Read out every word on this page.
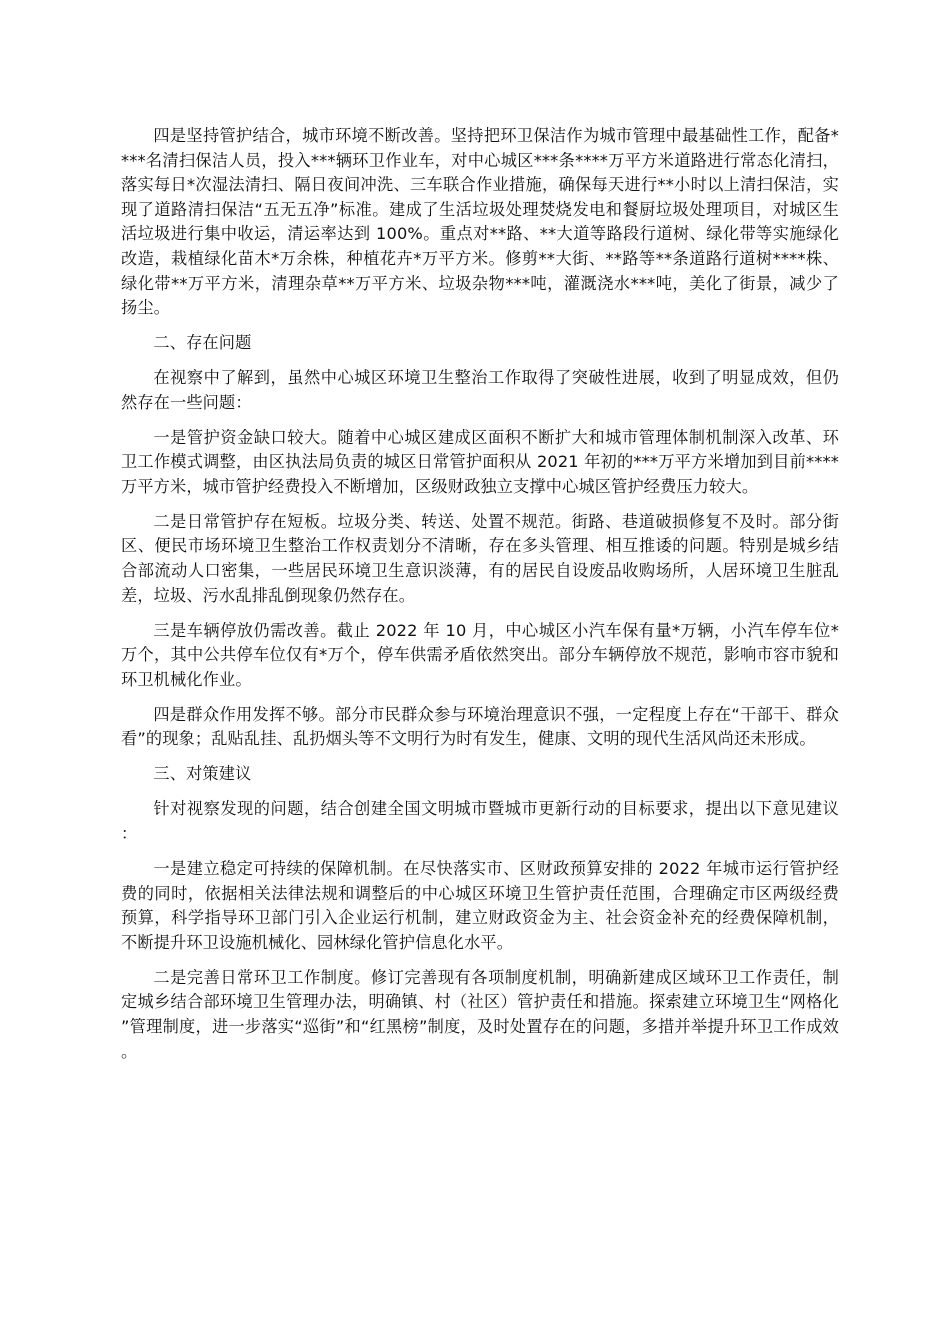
四是坚持管护结合，城市环境不断改善。坚持把环卫保洁作为城市管理中最基础性工作，配备****名清扫保洁人员，投入***辆环卫作业车，对中心城区***条****万平方米道路进行常态化清扫，落实每日*次湿法清扫、隔日夜间冲洗、三车联合作业措施，确保每天进行**小时以上清扫保洁，实现了道路清扫保洁“五无五净”标准。建成了生活垃圾处理焚烧发电和餐厨垃圾处理项目，对城区生活垃圾进行集中收运，清运率达到 100%。重点对**路、**大道等路段行道树、绿化带等实施绿化改造，栽植绿化苗木*万余株，种植花卉*万平方米。修剪**大街、**路等**条道路行道树****株、绿化带**万平方米，清理杂草**万平方米、垃圾杂物***吨，灌溉浇水***吨，美化了街景，减少了扬尘。

二、存在问题

在视察中了解到，虽然中心城区环境卫生整治工作取得了突破性进展，收到了明显成效，但仍然存在一些问题：

一是管护资金缺口较大。随着中心城区建成区面积不断扩大和城市管理体制机制深入改革、环卫工作模式调整，由区执法局负责的城区日常管护面积从 2021 年初的***万平方米增加到目前****万平方米，城市管护经费投入不断增加，区级财政独立支撑中心城区管护经费压力较大。

二是日常管护存在短板。垃圾分类、转送、处置不规范。街路、巷道破损修复不及时。部分街区、便民市场环境卫生整治工作权责划分不清晰，存在多头管理、相互推诿的问题。特别是城乡结合部流动人口密集，一些居民环境卫生意识淡薄，有的居民自设废品收购场所，人居环境卫生脏乱差，垃圾、污水乱排乱倒现象仍然存在。

三是车辆停放仍需改善。截止 2022 年 10 月，中心城区小汽车保有量*万辆，小汽车停车位*万个，其中公共停车位仅有*万个，停车供需矛盾依然突出。部分车辆停放不规范，影响市容市貌和环卫机械化作业。

四是群众作用发挥不够。部分市民群众参与环境治理意识不强，一定程度上存在“干部干、群众看”的现象；乱贴乱挂、乱扔烟头等不文明行为时有发生，健康、文明的现代生活风尚还未形成。

三、对策建议

针对视察发现的问题，结合创建全国文明城市暨城市更新行动的目标要求，提出以下意见建议：

一是建立稳定可持续的保障机制。在尽快落实市、区财政预算安排的 2022 年城市运行管护经费的同时，依据相关法律法规和调整后的中心城区环境卫生管护责任范围，合理确定市区两级经费预算，科学指导环卫部门引入企业运行机制，建立财政资金为主、社会资金补充的经费保障机制，不断提升环卫设施机械化、园林绿化管护信息化水平。

二是完善日常环卫工作制度。修订完善现有各项制度机制，明确新建成区域环卫工作责任，制定城乡结合部环境卫生管理办法，明确镇、村（社区）管护责任和措施。探索建立环境卫生“网格化”管理制度，进一步落实“巡街”和“红黑榜”制度，及时处置存在的问题，多措并举提升环卫工作成效。
